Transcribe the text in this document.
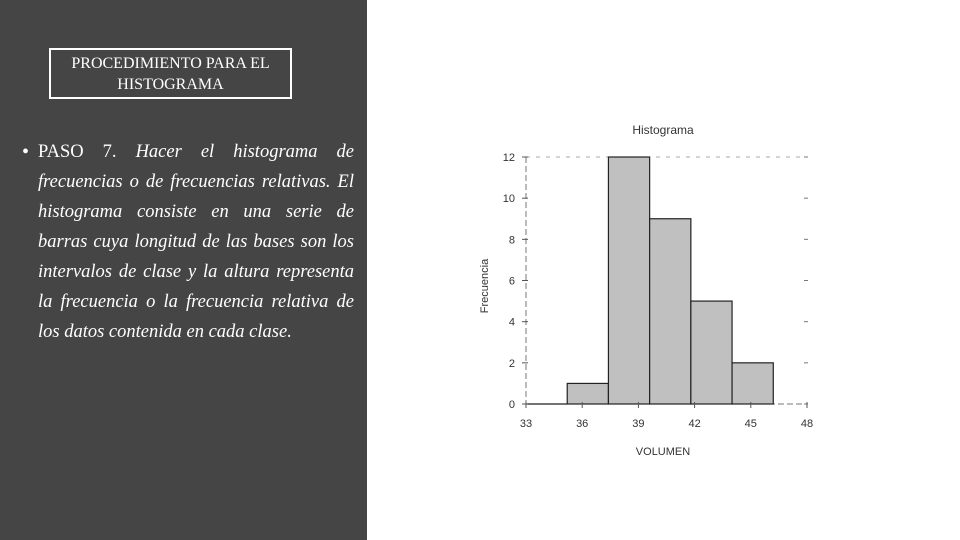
PROCEDIMIENTO PARA EL
HISTOGRAMA
• PASO 7. Hacer el histograma de frecuencias o de frecuencias relativas. El histograma consiste en una serie de barras cuya longitud de las bases son los intervalos de clase y la altura representa la frecuencia o la frecuencia relativa de los datos contenida en cada clase.
Histograma
Frecuencia
VOLUMEN
0
2
4
6
8
10
12
33	36	39	42	45	48
